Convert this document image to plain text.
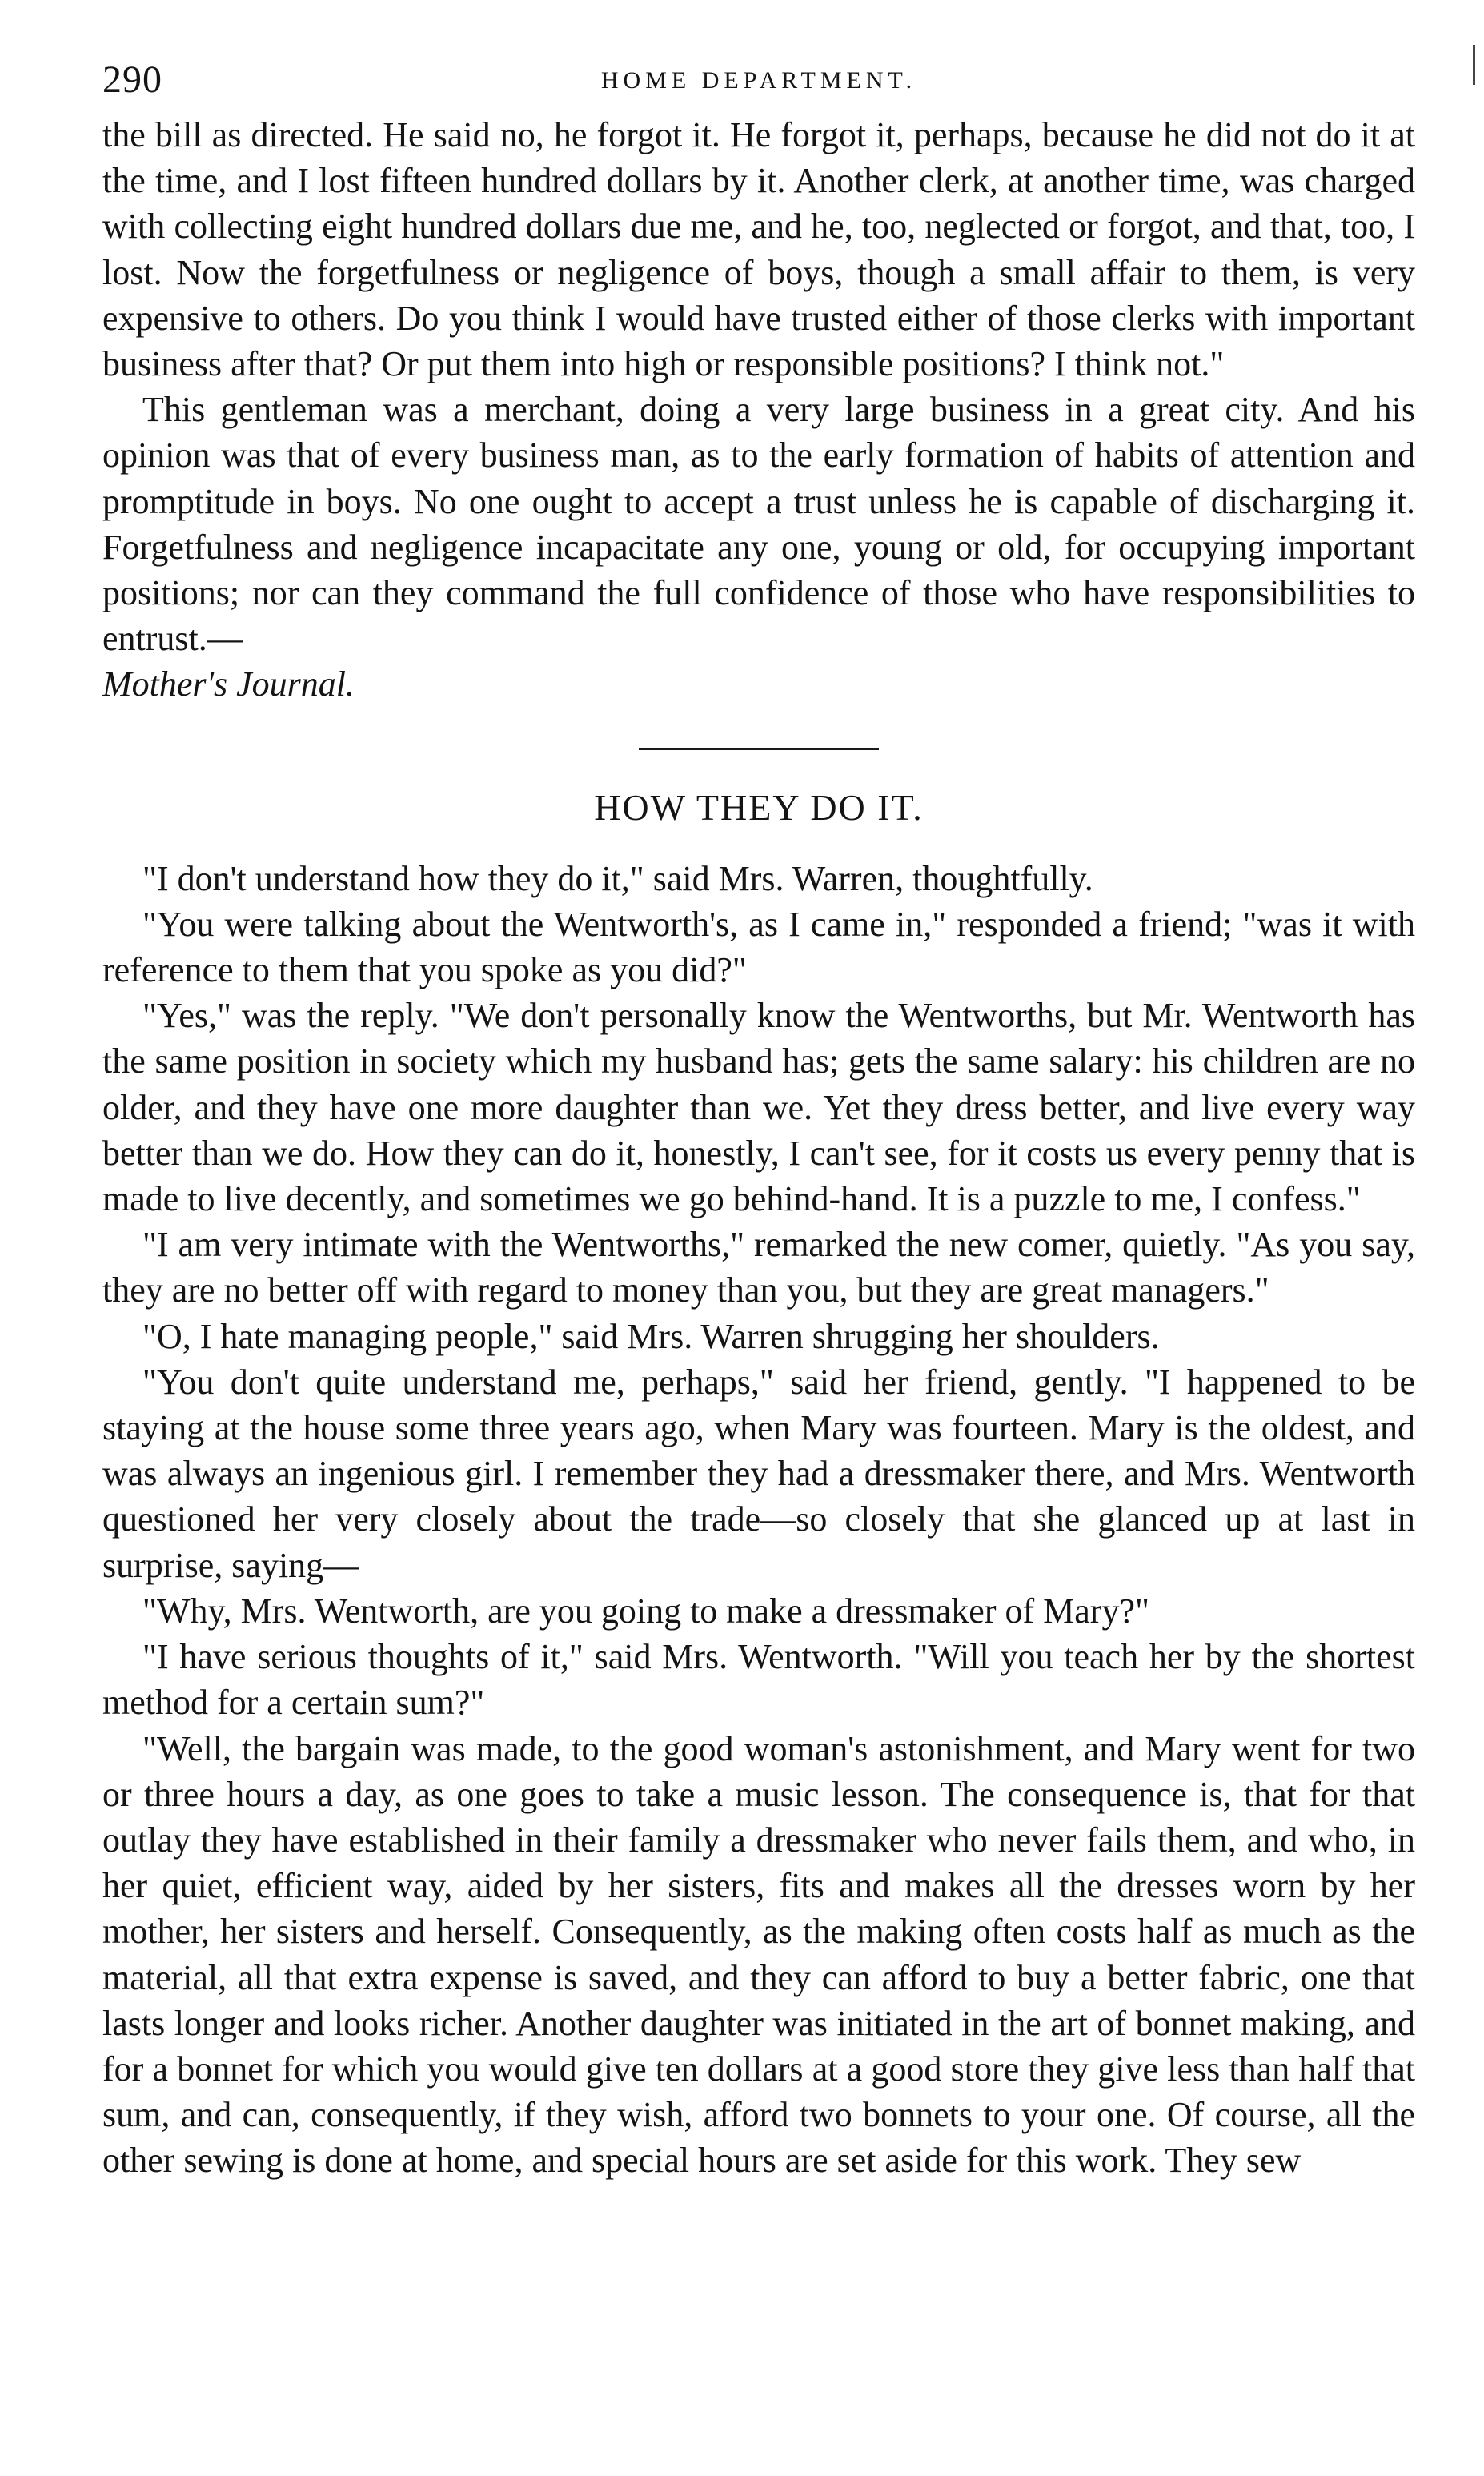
290	HOME DEPARTMENT.

the bill as directed. He said no, he forgot it. He forgot it, perhaps, because he did not do it at the time, and I lost fifteen hundred dollars by it. Another clerk, at another time, was charged with collecting eight hundred dollars due me, and he, too, neglected or forgot, and that, too, I lost. Now the forgetfulness or negligence of boys, though a small affair to them, is very expensive to others. Do you think I would have trusted either of those clerks with important business after that? Or put them into high or responsible positions? I think not."

This gentleman was a merchant, doing a very large business in a great city. And his opinion was that of every business man, as to the early formation of habits of attention and promptitude in boys. No one ought to accept a trust unless he is capable of discharging it. Forgetfulness and negligence incapacitate any one, young or old, for occupying important positions; nor can they command the full confidence of those who have responsibilities to entrust.—
Mother's Journal.

HOW THEY DO IT.

"I don't understand how they do it," said Mrs. Warren, thoughtfully.

"You were talking about the Wentworth's, as I came in," responded a friend; "was it with reference to them that you spoke as you did?"

"Yes," was the reply. "We don't personally know the Wentworths, but Mr. Wentworth has the same position in society which my husband has; gets the same salary: his children are no older, and they have one more daughter than we. Yet they dress better, and live every way better than we do. How they can do it, honestly, I can't see, for it costs us every penny that is made to live decently, and sometimes we go behind-hand. It is a puzzle to me, I confess."

"I am very intimate with the Wentworths," remarked the new comer, quietly. "As you say, they are no better off with regard to money than you, but they are great managers."

"O, I hate managing people," said Mrs. Warren shrugging her shoulders.

"You don't quite understand me, perhaps," said her friend, gently. "I happened to be staying at the house some three years ago, when Mary was fourteen. Mary is the oldest, and was always an ingenious girl. I remember they had a dressmaker there, and Mrs. Wentworth questioned her very closely about the trade—so closely that she glanced up at last in surprise, saying—

"Why, Mrs. Wentworth, are you going to make a dressmaker of Mary?"

"I have serious thoughts of it," said Mrs. Wentworth. "Will you teach her by the shortest method for a certain sum?"

"Well, the bargain was made, to the good woman's astonishment, and Mary went for two or three hours a day, as one goes to take a music lesson. The consequence is, that for that outlay they have established in their family a dressmaker who never fails them, and who, in her quiet, efficient way, aided by her sisters, fits and makes all the dresses worn by her mother, her sisters and herself. Consequently, as the making often costs half as much as the material, all that extra expense is saved, and they can afford to buy a better fabric, one that lasts longer and looks richer. Another daughter was initiated in the art of bonnet making, and for a bonnet for which you would give ten dollars at a good store they give less than half that sum, and can, consequently, if they wish, afford two bonnets to your one. Of course, all the other sewing is done at home, and special hours are set aside for this work. They sew
